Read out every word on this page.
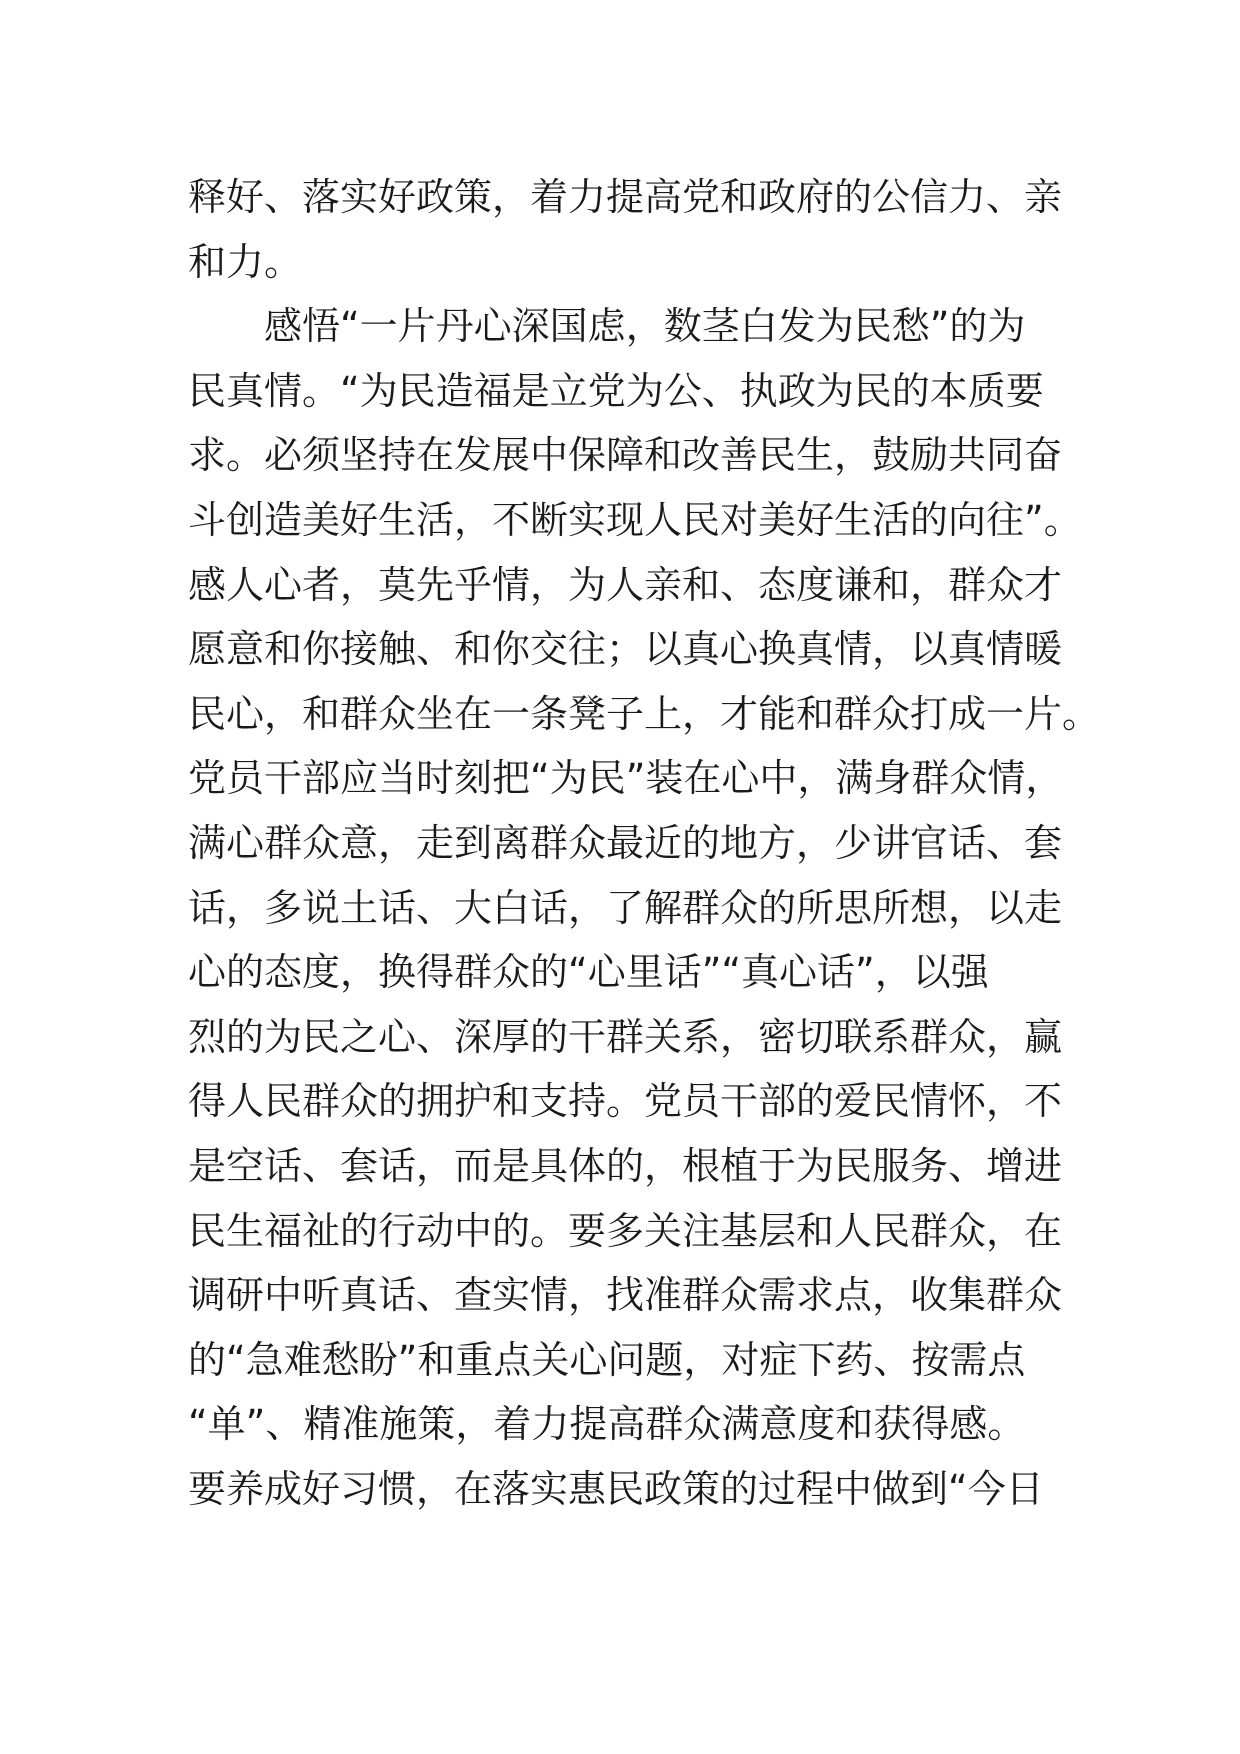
释好、落实好政策，着力提高党和政府的公信力、亲
和力。
感悟“一片丹心深国虑，数茎白发为民愁”的为
民真情。“为民造福是立党为公、执政为民的本质要
求。必须坚持在发展中保障和改善民生，鼓励共同奋
斗创造美好生活，不断实现人民对美好生活的向往”。
感人心者，莫先乎情，为人亲和、态度谦和，群众才
愿意和你接触、和你交往；以真心换真情，以真情暖
民心，和群众坐在一条凳子上，才能和群众打成一片。
党员干部应当时刻把“为民”装在心中，满身群众情，
满心群众意，走到离群众最近的地方，少讲官话、套
话，多说土话、大白话，了解群众的所思所想，以走
心的态度，换得群众的“心里话”“真心话”，以强
烈的为民之心、深厚的干群关系，密切联系群众，赢
得人民群众的拥护和支持。党员干部的爱民情怀，不
是空话、套话，而是具体的，根植于为民服务、增进
民生福祉的行动中的。要多关注基层和人民群众，在
调研中听真话、查实情，找准群众需求点，收集群众
的“急难愁盼”和重点关心问题，对症下药、按需点
“单”、精准施策，着力提高群众满意度和获得感。
要养成好习惯，在落实惠民政策的过程中做到“今日
